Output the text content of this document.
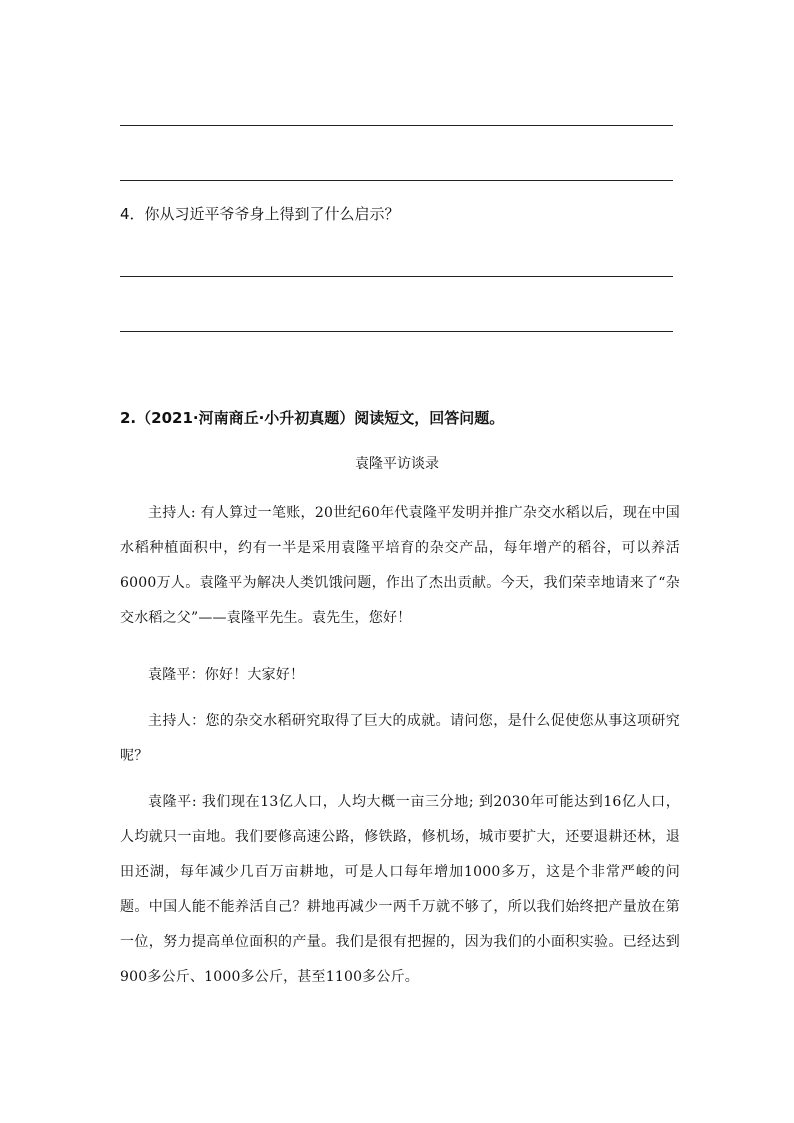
4．你从习近平爷爷身上得到了什么启示？
2.（2021·河南商丘·小升初真题）阅读短文，回答问题。
袁隆平访谈录
主持人: 有人算过一笔账，20世纪60年代袁隆平发明并推广杂交水稻以后，现在中国水稻种植面积中，约有一半是采用袁隆平培育的杂交产品，每年增产的稻谷，可以养活6000万人。袁隆平为解决人类饥饿问题，作出了杰出贡献。今天，我们荣幸地请来了“杂交水稻之父”——袁隆平先生。袁先生，您好！
袁隆平：你好！大家好！
主持人：您的杂交水稻研究取得了巨大的成就。请问您，是什么促使您从事这项研究呢？
袁隆平: 我们现在13亿人口，人均大概一亩三分地; 到2030年可能达到16亿人口，人均就只一亩地。我们要修高速公路，修铁路，修机场，城市要扩大，还要退耕还林，退田还湖，每年减少几百万亩耕地，可是人口每年增加1000多万，这是个非常严峻的问题。中国人能不能养活自己？耕地再减少一两千万就不够了，所以我们始终把产量放在第一位，努力提高单位面积的产量。我们是很有把握的，因为我们的小面积实验。已经达到900多公斤、1000多公斤，甚至1100多公斤。
